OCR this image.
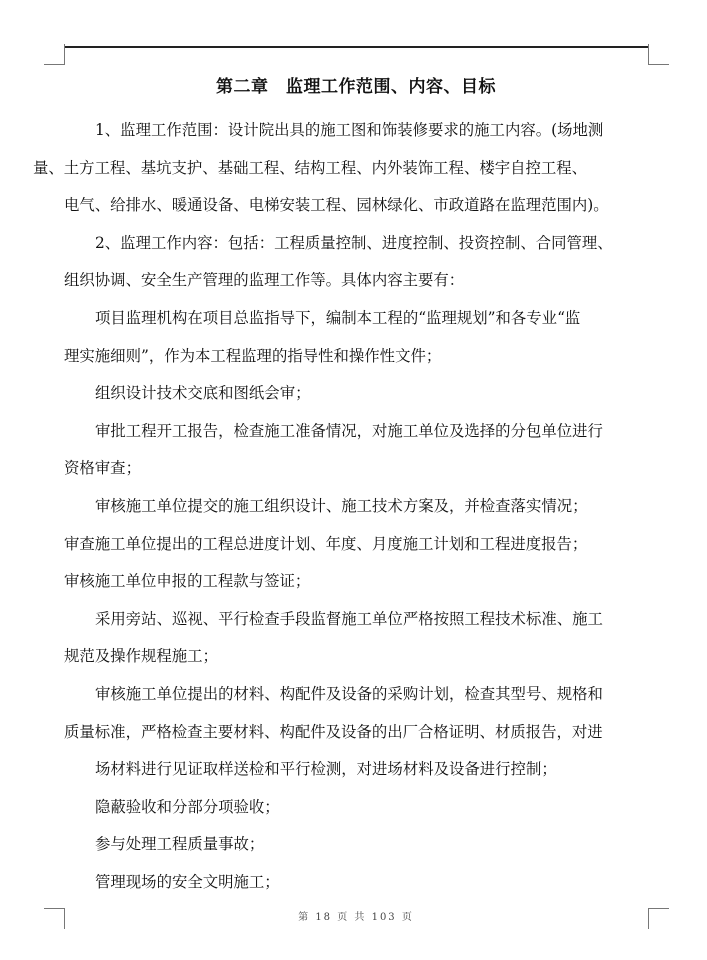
第二章　监理工作范围、内容、目标

1、监理工作范围：设计院出具的施工图和饰装修要求的施工内容。(场地测
量、土方工程、基坑支护、基础工程、结构工程、内外装饰工程、楼宇自控工程、
电气、给排水、暖通设备、电梯安装工程、园林绿化、市政道路在监理范围内)。

2、监理工作内容：包括：工程质量控制、进度控制、投资控制、合同管理、
组织协调、安全生产管理的监理工作等。具体内容主要有：

项目监理机构在项目总监指导下，编制本工程的“监理规划”和各专业“监
理实施细则”，作为本工程监理的指导性和操作性文件；

组织设计技术交底和图纸会审；

审批工程开工报告，检查施工准备情况，对施工单位及选择的分包单位进行
资格审查；

审核施工单位提交的施工组织设计、施工技术方案及，并检查落实情况；

审查施工单位提出的工程总进度计划、年度、月度施工计划和工程进度报告；

审核施工单位申报的工程款与签证；

采用旁站、巡视、平行检查手段监督施工单位严格按照工程技术标准、施工
规范及操作规程施工；

审核施工单位提出的材料、构配件及设备的采购计划，检查其型号、规格和
质量标准，严格检查主要材料、构配件及设备的出厂合格证明、材质报告，对进
场材料进行见证取样送检和平行检测，对进场材料及设备进行控制；

隐蔽验收和分部分项验收；

参与处理工程质量事故；

管理现场的安全文明施工；

第 18 页 共 103 页
